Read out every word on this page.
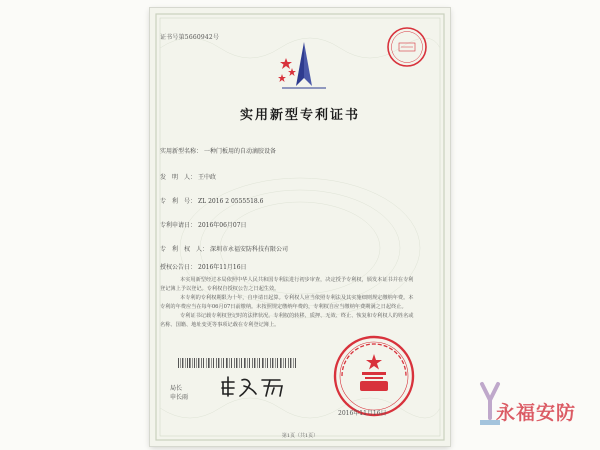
证书号第5660942号
实用新型专利证书
实用新型名称： 一种门板用的自动滴胶设备
发　明　人： 王中政
专　利　号： ZL 2016 2 0555518.6
专利申请日： 2016年06月07日
专　利　权　人： 深圳市永福安防科技有限公司
授权公告日： 2016年11月16日

本实用新型经过本局依照中华人民共和国专利法进行初步审查，决定授予专利权，颁发本证书并在专利登记簿上予以登记。专利权自授权公告之日起生效。

本专利的专利权期限为十年，自申请日起算。专利权人应当依照专利法及其实施细则规定缴纳年费。本专利的年费应当在每年06月07日前缴纳。未按照规定缴纳年费的，专利权自应当缴纳年费期满之日起终止。

专利证书记载专利权登记时的法律状况。专利权的转移、质押、无效、终止、恢复和专利权人的姓名或名称、国籍、地址变更等事项记载在专利登记簿上。

局长
申长雨
2016年11月16日
第1页（共1页）
永福安防
